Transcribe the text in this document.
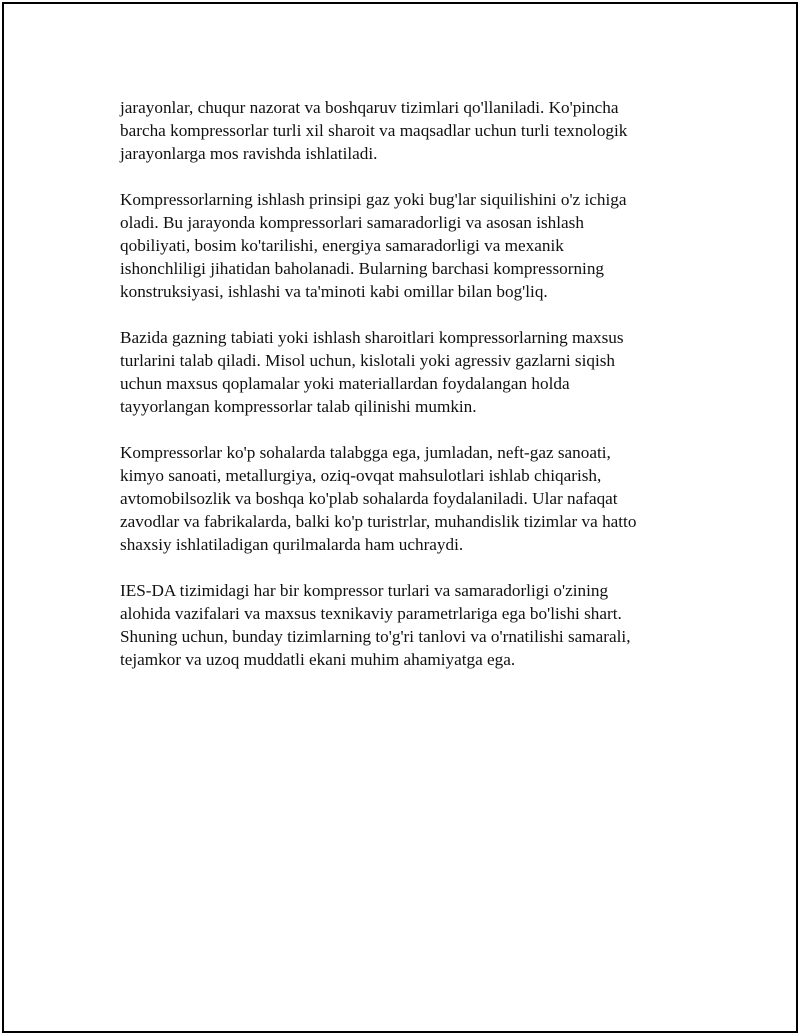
jarayonlar, chuqur nazorat va boshqaruv tizimlari qo'llaniladi. Ko'pincha
barcha kompressorlar turli xil sharoit va maqsadlar uchun turli texnologik
jarayonlarga mos ravishda ishlatiladi.

Kompressorlarning ishlash prinsipi gaz yoki bug'lar siquilishini o'z ichiga
oladi. Bu jarayonda kompressorlari samaradorligi va asosan ishlash
qobiliyati, bosim ko'tarilishi, energiya samaradorligi va mexanik
ishonchliligi jihatidan baholanadi. Bularning barchasi kompressorning
konstruksiyasi, ishlashi va ta'minoti kabi omillar bilan bog'liq.

Bazida gazning tabiati yoki ishlash sharoitlari kompressorlarning maxsus
turlarini talab qiladi. Misol uchun, kislotali yoki agressiv gazlarni siqish
uchun maxsus qoplamalar yoki materiallardan foydalangan holda
tayyorlangan kompressorlar talab qilinishi mumkin.

Kompressorlar ko'p sohalarda talabgga ega, jumladan, neft-gaz sanoati,
kimyo sanoati, metallurgiya, oziq-ovqat mahsulotlari ishlab chiqarish,
avtomobilsozlik va boshqa ko'plab sohalarda foydalaniladi. Ular nafaqat
zavodlar va fabrikalarda, balki ko'p turistrlar, muhandislik tizimlar va hatto
shaxsiy ishlatiladigan qurilmalarda ham uchraydi.

IES-DA tizimidagi har bir kompressor turlari va samaradorligi o'zining
alohida vazifalari va maxsus texnikaviy parametrlariga ega bo'lishi shart.
Shuning uchun, bunday tizimlarning to'g'ri tanlovi va o'rnatilishi samarali,
tejamkor va uzoq muddatli ekani muhim ahamiyatga ega.
